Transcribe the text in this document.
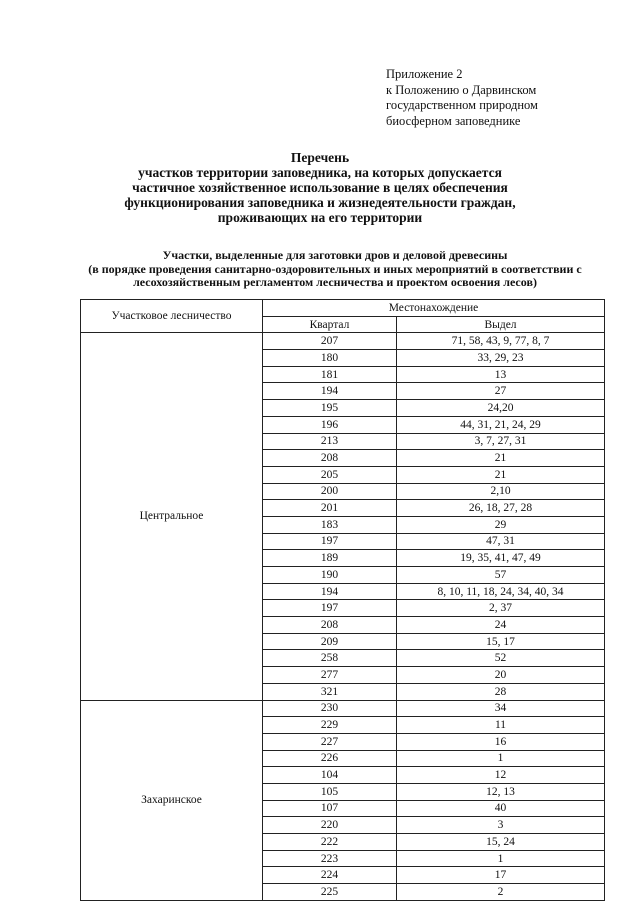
Приложение 2
к Положению о Дарвинском
государственном природном
биосферном заповеднике
Перечень
участков территории заповедника, на которых допускается
частичное хозяйственное использование в целях обеспечения
функционирования заповедника и жизнедеятельности граждан,
проживающих на его территории
Участки, выделенные для заготовки дров и деловой древесины
(в порядке проведения санитарно-оздоровительных и иных мероприятий в соответствии с
лесохозяйственным регламентом лесничества и проектом освоения лесов)
Участковое лесничество	Местонахождение	
	Квартал	Выдел
Центральное	207	71, 58, 43, 9, 77, 8, 7
	180	33, 29, 23
	181	13
	194	27
	195	24,20
	196	44, 31, 21, 24, 29
	213	3, 7, 27, 31
	208	21
	205	21
	200	2,10
	201	26, 18, 27, 28
	183	29
	197	47, 31
	189	19, 35, 41, 47, 49
	190	57
	194	8, 10, 11, 18, 24, 34, 40, 34
	197	2, 37
	208	24
	209	15, 17
	258	52
	277	20
	321	28
Захаринское	230	34
	229	11
	227	16
	226	1
	104	12
	105	12, 13
	107	40
	220	3
	222	15, 24
	223	1
	224	17
	225	2
